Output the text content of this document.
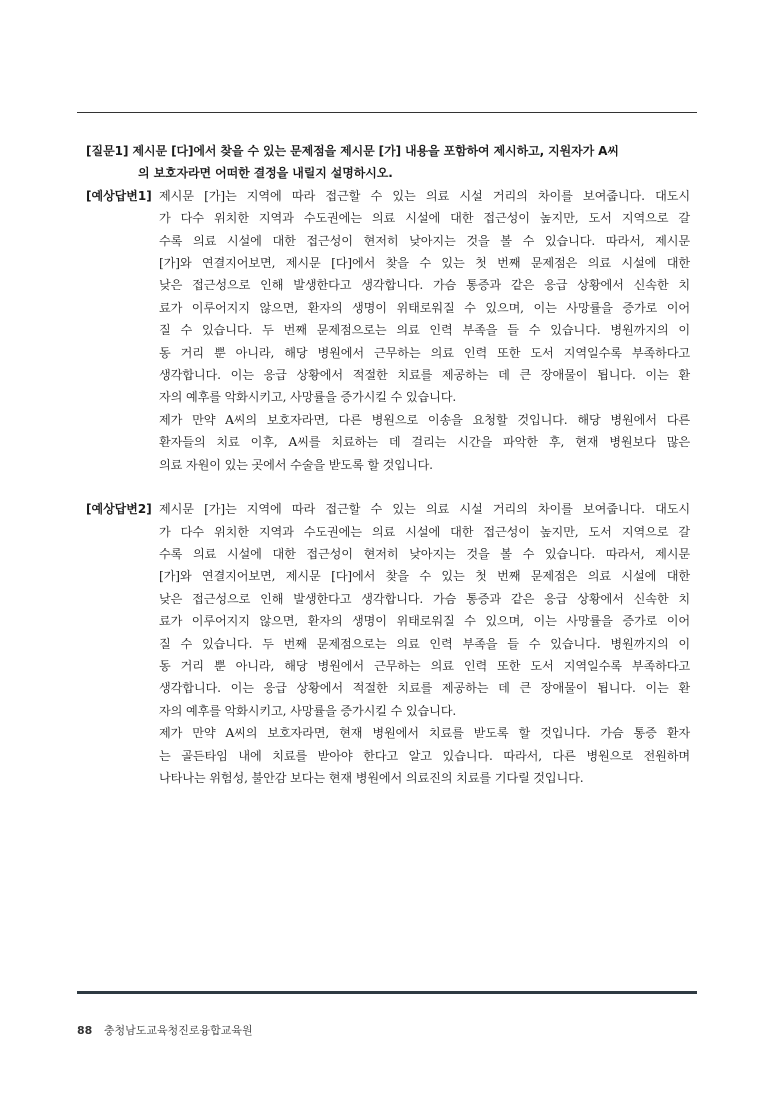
[질문1] 제시문 [다]에서 찾을 수 있는 문제점을 제시문 [가] 내용을 포함하여 제시하고, 지원자가 A씨
의 보호자라면 어떠한 결정을 내릴지 설명하시오.
[예상답변1] 제시문 [가]는 지역에 따라 접근할 수 있는 의료 시설 거리의 차이를 보여줍니다. 대도시
가 다수 위치한 지역과 수도권에는 의료 시설에 대한 접근성이 높지만, 도서 지역으로 갈
수록 의료 시설에 대한 접근성이 현저히 낮아지는 것을 볼 수 있습니다. 따라서, 제시문
[가]와 연결지어보면, 제시문 [다]에서 찾을 수 있는 첫 번째 문제점은 의료 시설에 대한
낮은 접근성으로 인해 발생한다고 생각합니다. 가슴 통증과 같은 응급 상황에서 신속한 치
료가 이루어지지 않으면, 환자의 생명이 위태로워질 수 있으며, 이는 사망률을 증가로 이어
질 수 있습니다. 두 번째 문제점으로는 의료 인력 부족을 들 수 있습니다. 병원까지의 이
동 거리 뿐 아니라, 해당 병원에서 근무하는 의료 인력 또한 도서 지역일수록 부족하다고
생각합니다. 이는 응급 상황에서 적절한 치료를 제공하는 데 큰 장애물이 됩니다. 이는 환
자의 예후를 악화시키고, 사망률을 증가시킬 수 있습니다.
제가 만약 A씨의 보호자라면, 다른 병원으로 이송을 요청할 것입니다. 해당 병원에서 다른
환자들의 치료 이후, A씨를 치료하는 데 걸리는 시간을 파악한 후, 현재 병원보다 많은
의료 자원이 있는 곳에서 수술을 받도록 할 것입니다.
[예상답변2] 제시문 [가]는 지역에 따라 접근할 수 있는 의료 시설 거리의 차이를 보여줍니다. 대도시
가 다수 위치한 지역과 수도권에는 의료 시설에 대한 접근성이 높지만, 도서 지역으로 갈
수록 의료 시설에 대한 접근성이 현저히 낮아지는 것을 볼 수 있습니다. 따라서, 제시문
[가]와 연결지어보면, 제시문 [다]에서 찾을 수 있는 첫 번째 문제점은 의료 시설에 대한
낮은 접근성으로 인해 발생한다고 생각합니다. 가슴 통증과 같은 응급 상황에서 신속한 치
료가 이루어지지 않으면, 환자의 생명이 위태로워질 수 있으며, 이는 사망률을 증가로 이어
질 수 있습니다. 두 번째 문제점으로는 의료 인력 부족을 들 수 있습니다. 병원까지의 이
동 거리 뿐 아니라, 해당 병원에서 근무하는 의료 인력 또한 도서 지역일수록 부족하다고
생각합니다. 이는 응급 상황에서 적절한 치료를 제공하는 데 큰 장애물이 됩니다. 이는 환
자의 예후를 악화시키고, 사망률을 증가시킬 수 있습니다.
제가 만약 A씨의 보호자라면, 현재 병원에서 치료를 받도록 할 것입니다. 가슴 통증 환자
는 골든타임 내에 치료를 받아야 한다고 알고 있습니다. 따라서, 다른 병원으로 전원하며
나타나는 위험성, 불안감 보다는 현재 병원에서 의료진의 치료를 기다릴 것입니다.
88 충청남도교육청진로융합교육원
